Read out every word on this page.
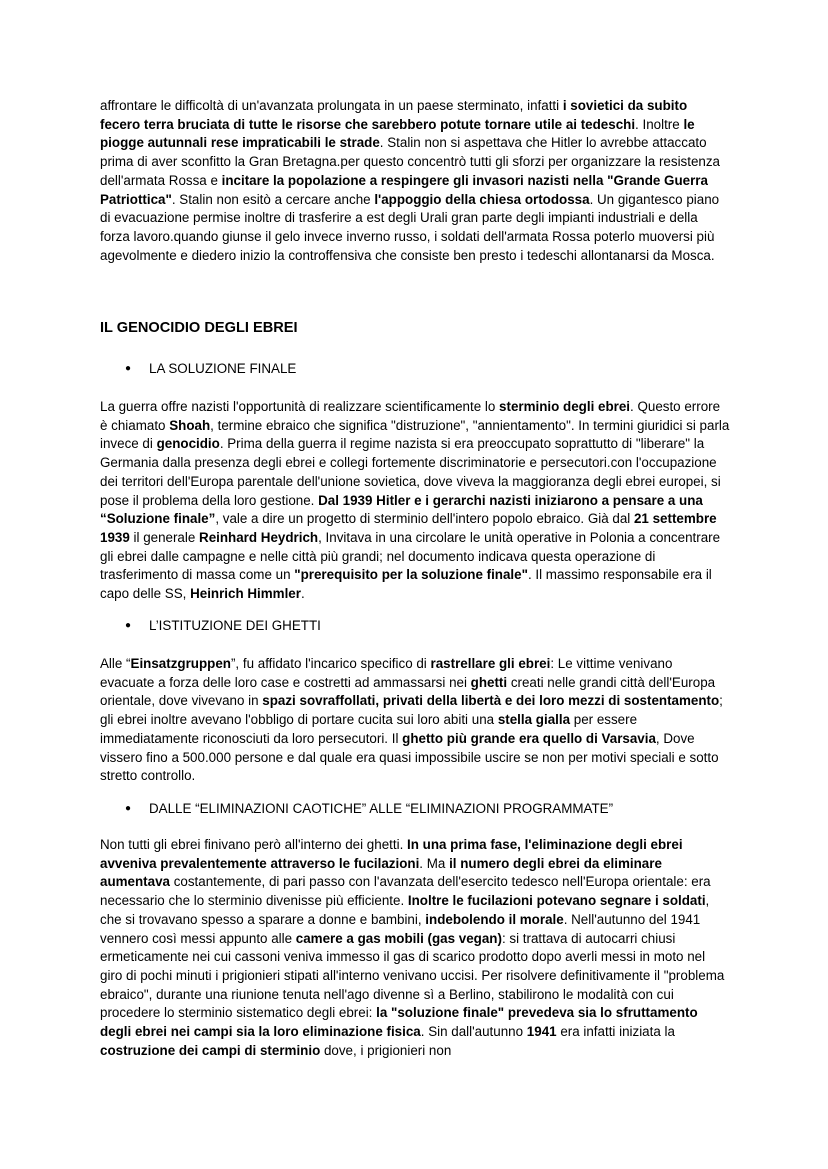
affrontare le difficoltà di un'avanzata prolungata in un paese sterminato, infatti i sovietici da subito fecero terra bruciata di tutte le risorse che sarebbero potute tornare utile ai tedeschi. Inoltre le piogge autunnali rese impraticabili le strade. Stalin non si aspettava che Hitler lo avrebbe attaccato prima di aver sconfitto la Gran Bretagna.per questo concentrò tutti gli sforzi per organizzare la resistenza dell'armata Rossa e incitare la popolazione a respingere gli invasori nazisti nella "Grande Guerra Patriottica". Stalin non esitò a cercare anche l'appoggio della chiesa ortodossa. Un gigantesco piano di evacuazione permise inoltre di trasferire a est degli Urali gran parte degli impianti industriali e della forza lavoro.quando giunse il gelo invece inverno russo, i soldati dell'armata Rossa poterlo muoversi più agevolmente e diedero inizio la controffensiva che consiste ben presto i tedeschi allontanarsi da Mosca.

IL GENOCIDIO DEGLI EBREI
●	LA SOLUZIONE FINALE

La guerra offre nazisti l'opportunità di realizzare scientificamente lo sterminio degli ebrei. Questo errore è chiamato Shoah, termine ebraico che significa "distruzione", "annientamento". In termini giuridici si parla invece di genocidio. Prima della guerra il regime nazista si era preoccupato soprattutto di "liberare" la Germania dalla presenza degli ebrei e collegi fortemente discriminatorie e persecutori.con l'occupazione dei territori dell'Europa parentale dell'unione sovietica, dove viveva la maggioranza degli ebrei europei, si pose il problema della loro gestione. Dal 1939 Hitler e i gerarchi nazisti iniziarono a pensare a una “Soluzione finale”, vale a dire un progetto di sterminio dell'intero popolo ebraico. Già dal 21 settembre 1939 il generale Reinhard Heydrich, Invitava in una circolare le unità operative in Polonia a concentrare gli ebrei dalle campagne e nelle città più grandi; nel documento indicava questa operazione di trasferimento di massa come un "prerequisito per la soluzione finale". Il massimo responsabile era il capo delle SS, Heinrich Himmler.

●	L’ISTITUZIONE DEI GHETTI

Alle “Einsatzgruppen”, fu affidato l'incarico specifico di rastrellare gli ebrei: Le vittime venivano evacuate a forza delle loro case e costretti ad ammassarsi nei ghetti creati nelle grandi città dell'Europa orientale, dove vivevano in spazi sovraffollati, privati della libertà e dei loro mezzi di sostentamento; gli ebrei inoltre avevano l'obbligo di portare cucita sui loro abiti una stella gialla per essere immediatamente riconosciuti da loro persecutori. Il ghetto più grande era quello di Varsavia, Dove vissero fino a 500.000 persone e dal quale era quasi impossibile uscire se non per motivi speciali e sotto stretto controllo.

●	DALLE “ELIMINAZIONI CAOTICHE” ALLE “ELIMINAZIONI PROGRAMMATE”

Non tutti gli ebrei finivano però all'interno dei ghetti. In una prima fase, l'eliminazione degli ebrei avveniva prevalentemente attraverso le fucilazioni. Ma il numero degli ebrei da eliminare aumentava costantemente, di pari passo con l'avanzata dell'esercito tedesco nell'Europa orientale: era necessario che lo sterminio divenisse più efficiente. Inoltre le fucilazioni potevano segnare i soldati, che si trovavano spesso a sparare a donne e bambini, indebolendo il morale. Nell'autunno del 1941 vennero così messi appunto alle camere a gas mobili (gas vegan): si trattava di autocarri chiusi ermeticamente nei cui cassoni veniva immesso il gas di scarico prodotto dopo averli messi in moto nel giro di pochi minuti i prigionieri stipati all'interno venivano uccisi. Per risolvere definitivamente il "problema ebraico", durante una riunione tenuta nell'ago divenne sì a Berlino, stabilirono le modalità con cui procedere lo sterminio sistematico degli ebrei: la "soluzione finale" prevedeva sia lo sfruttamento degli ebrei nei campi sia la loro eliminazione fisica. Sin dall'autunno 1941 era infatti iniziata la costruzione dei campi di sterminio dove, i prigionieri non
